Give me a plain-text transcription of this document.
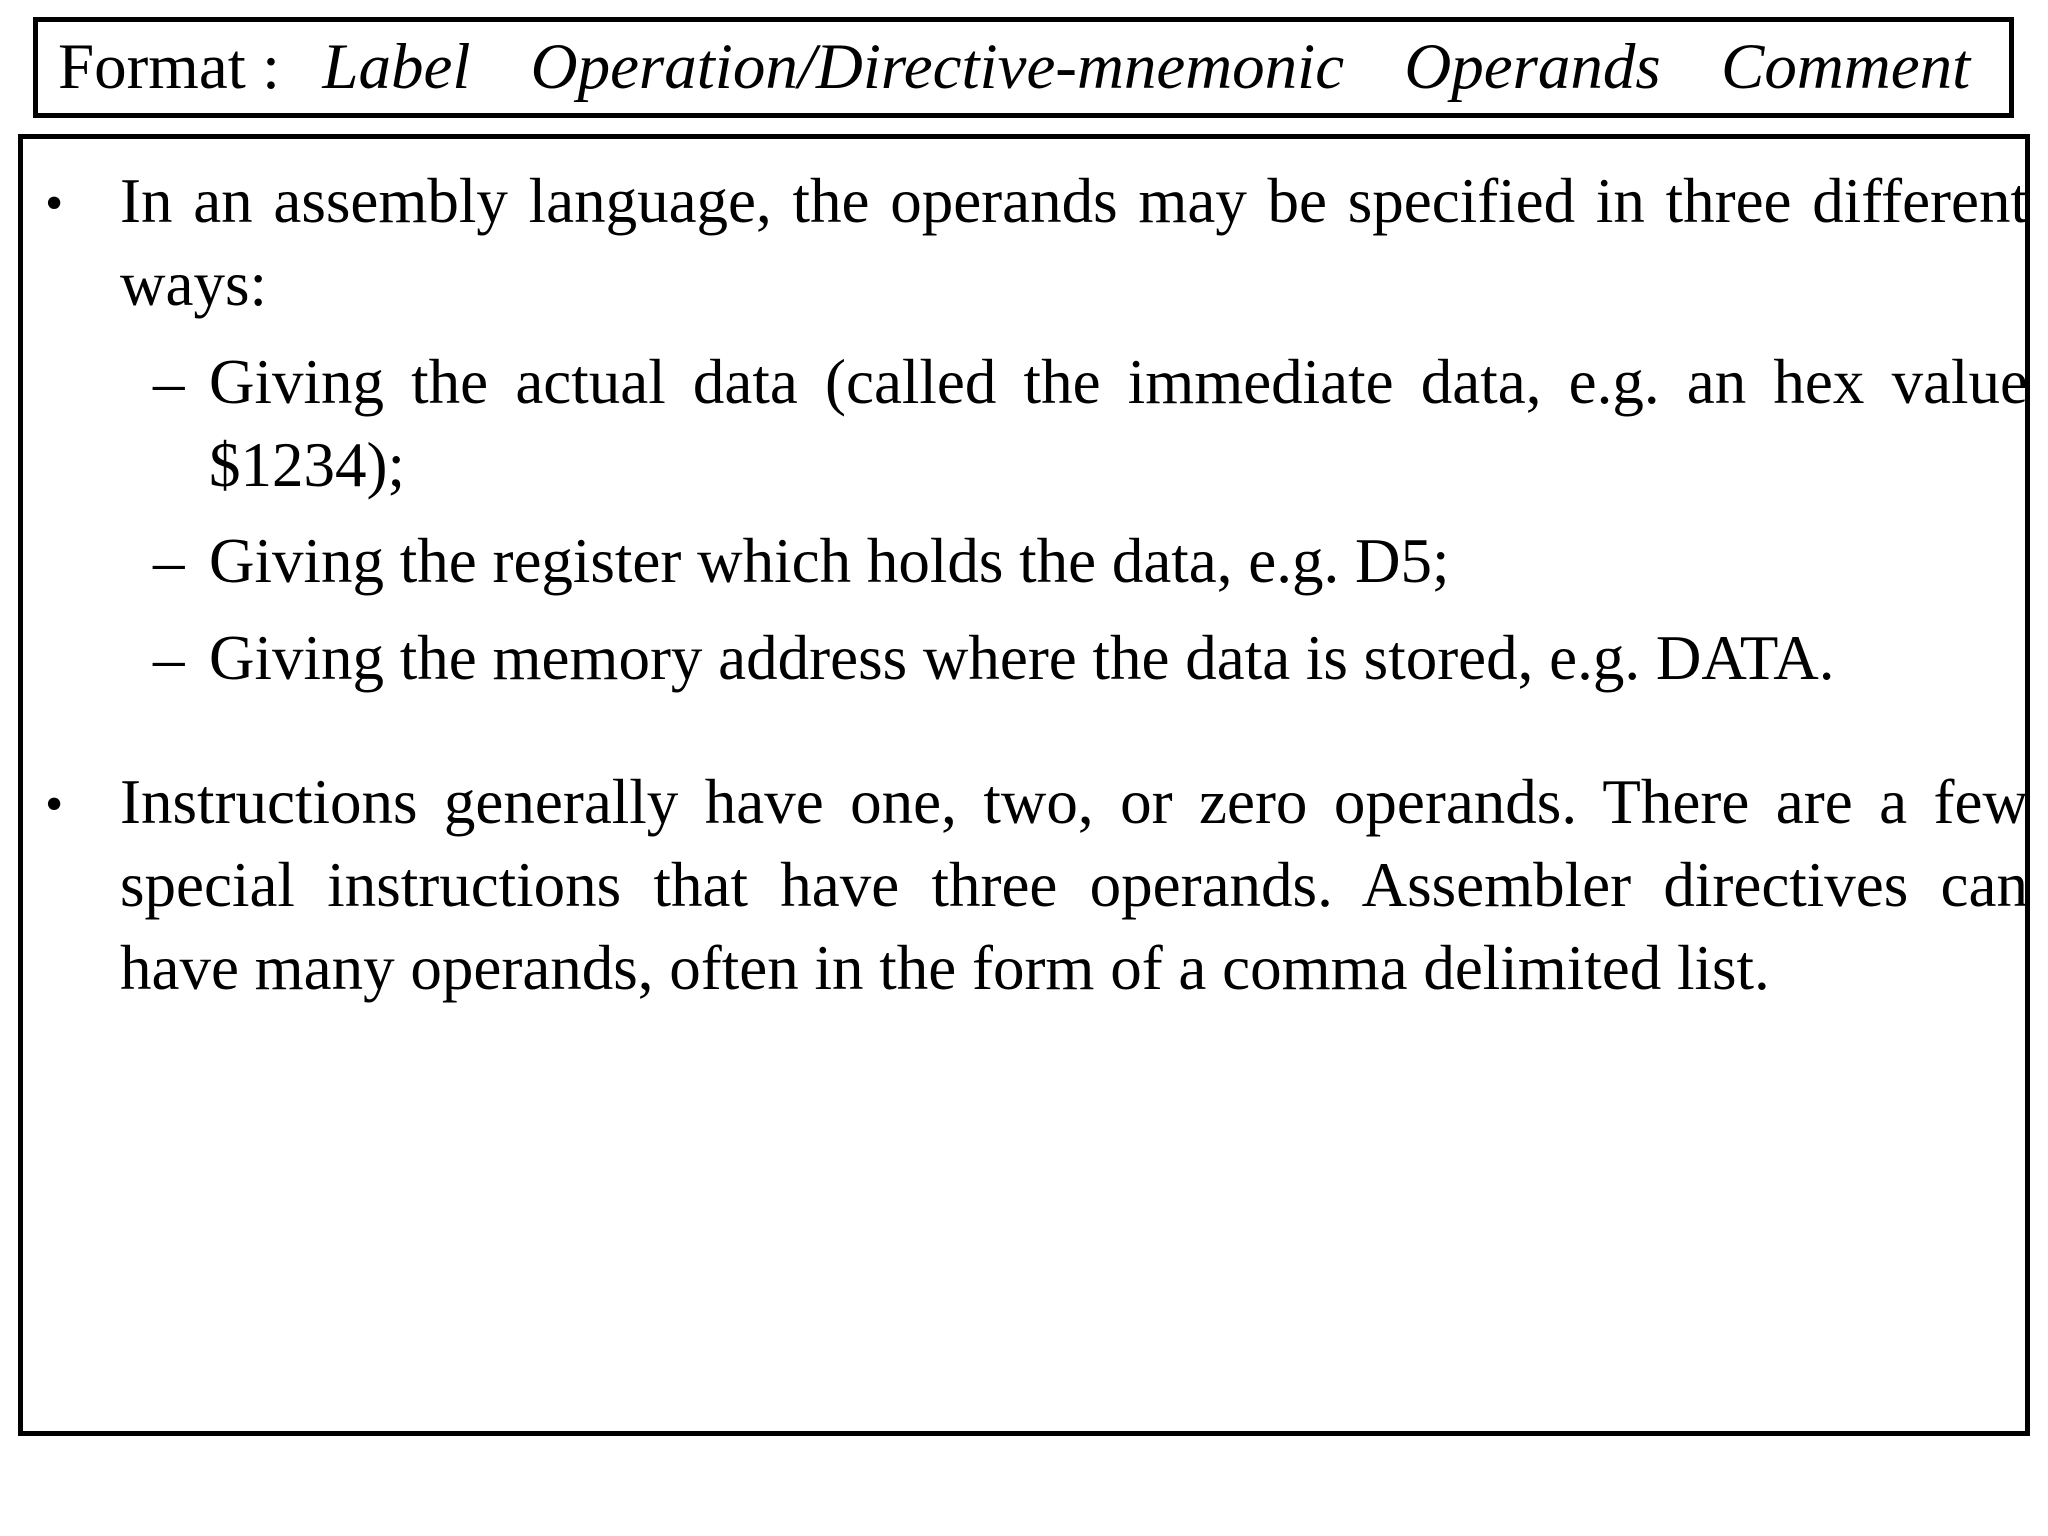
Format : Label Operation/Directive-mnemonic Operands Comment
• In an assembly language, the operands may be specified in three different ways:
– Giving the actual data (called the immediate data, e.g. an hex value $1234);
– Giving the register which holds the data, e.g. D5;
– Giving the memory address where the data is stored, e.g. DATA.
• Instructions generally have one, two, or zero operands. There are a few special instructions that have three operands. Assembler directives can have many operands, often in the form of a comma delimited list.
